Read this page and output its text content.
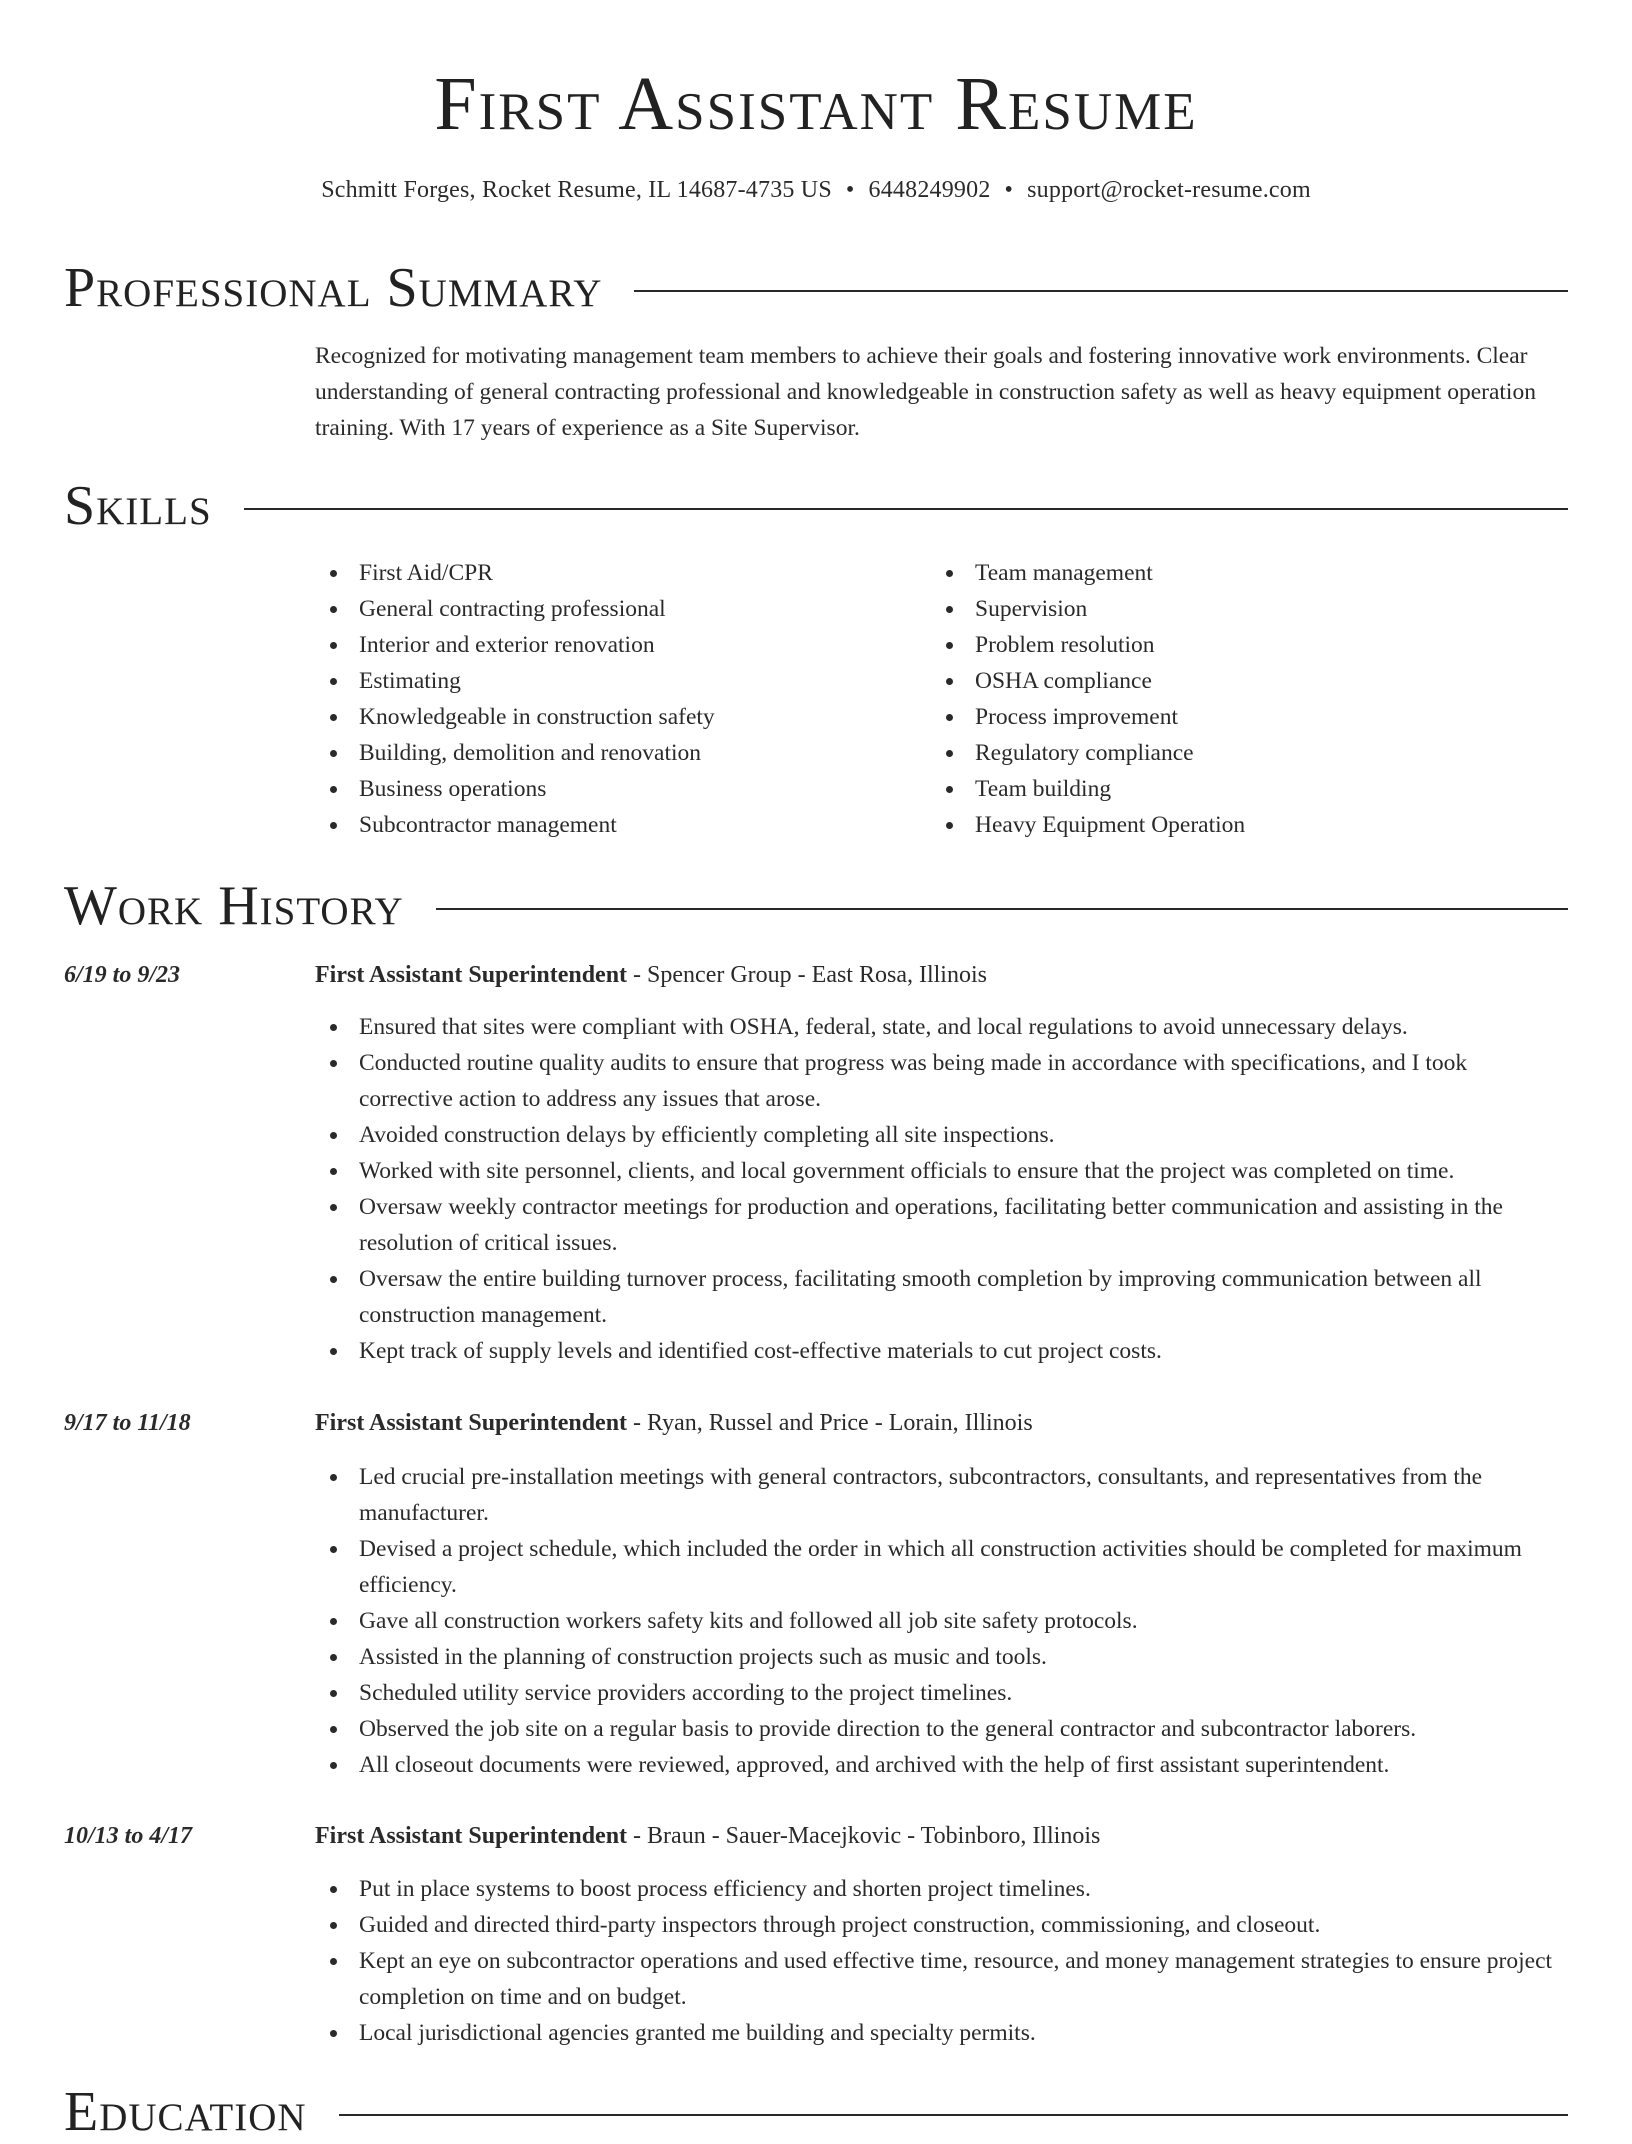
First Assistant Resume
Schmitt Forges, Rocket Resume, IL 14687-4735 US • 6448249902 • support@rocket-resume.com
Professional Summary

Recognized for motivating management team members to achieve their goals and fostering innovative work environments. Clear understanding of general contracting professional and knowledgeable in construction safety as well as heavy equipment operation training. With 17 years of experience as a Site Supervisor.

Skills
First Aid/CPR
General contracting professional
Interior and exterior renovation
Estimating
Knowledgeable in construction safety
Building, demolition and renovation
Business operations
Subcontractor management
Team management
Supervision
Problem resolution
OSHA compliance
Process improvement
Regulatory compliance
Team building
Heavy Equipment Operation
Work History
6/19 to 9/23	First Assistant Superintendent - Spencer Group - East Rosa, Illinois
Ensured that sites were compliant with OSHA, federal, state, and local regulations to avoid unnecessary delays.
Conducted routine quality audits to ensure that progress was being made in accordance with specifications, and I took corrective action to address any issues that arose.
Avoided construction delays by efficiently completing all site inspections.
Worked with site personnel, clients, and local government officials to ensure that the project was completed on time.
Oversaw weekly contractor meetings for production and operations, facilitating better communication and assisting in the resolution of critical issues.
Oversaw the entire building turnover process, facilitating smooth completion by improving communication between all construction management.
Kept track of supply levels and identified cost-effective materials to cut project costs.
9/17 to 11/18	First Assistant Superintendent - Ryan, Russel and Price - Lorain, Illinois
Led crucial pre-installation meetings with general contractors, subcontractors, consultants, and representatives from the manufacturer.
Devised a project schedule, which included the order in which all construction activities should be completed for maximum efficiency.
Gave all construction workers safety kits and followed all job site safety protocols.
Assisted in the planning of construction projects such as music and tools.
Scheduled utility service providers according to the project timelines.
Observed the job site on a regular basis to provide direction to the general contractor and subcontractor laborers.
All closeout documents were reviewed, approved, and archived with the help of first assistant superintendent.
10/13 to 4/17	First Assistant Superintendent - Braun - Sauer-Macejkovic - Tobinboro, Illinois
Put in place systems to boost process efficiency and shorten project timelines.
Guided and directed third-party inspectors through project construction, commissioning, and closeout.
Kept an eye on subcontractor operations and used effective time, resource, and money management strategies to ensure project completion on time and on budget.
Local jurisdictional agencies granted me building and specialty permits.
Education
